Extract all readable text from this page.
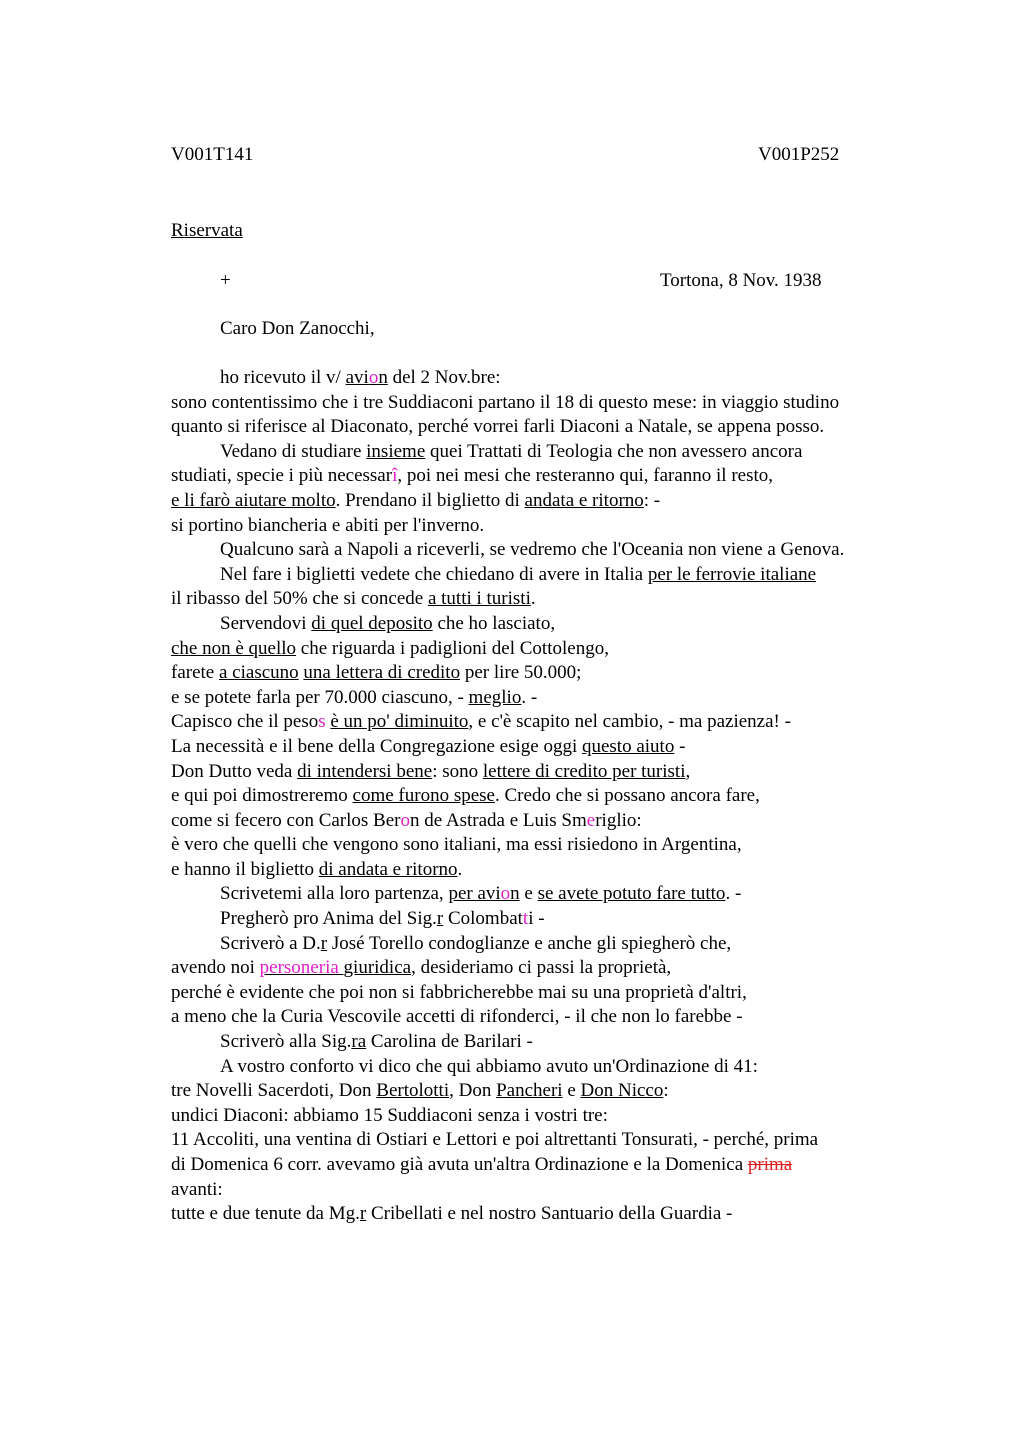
V001T141	V001P252
Riservata
+	Tortona, 8 Nov. 1938
Caro Don Zanocchi,
ho ricevuto il v/ avion del 2 Nov.bre:
sono contentissimo che i tre Suddiaconi partano il 18 di questo mese: in viaggio studino
quanto si riferisce al Diaconato, perché vorrei farli Diaconi a Natale, se appena posso.
Vedano di studiare insieme quei Trattati di Teologia che non avessero ancora
studiati, specie i più necessarî, poi nei mesi che resteranno qui, faranno il resto,
e li farò aiutare molto. Prendano il biglietto di andata e ritorno: -
si portino biancheria e abiti per l'inverno.
Qualcuno sarà a Napoli a riceverli, se vedremo che l'Oceania non viene a Genova.
Nel fare i biglietti vedete che chiedano di avere in Italia per le ferrovie italiane
il ribasso del 50% che si concede a tutti i turisti.
Servendovi di quel deposito che ho lasciato,
che non è quello che riguarda i padiglioni del Cottolengo,
farete a ciascuno una lettera di credito per lire 50.000;
e se potete farla per 70.000 ciascuno, - meglio. -
Capisco che il pesos è un po' diminuito, e c'è scapito nel cambio, - ma pazienza! -
La necessità e il bene della Congregazione esige oggi questo aiuto -
Don Dutto veda di intendersi bene: sono lettere di credito per turisti,
e qui poi dimostreremo come furono spese. Credo che si possano ancora fare,
come si fecero con Carlos Beron de Astrada e Luis Smeriglio:
è vero che quelli che vengono sono italiani, ma essi risiedono in Argentina,
e hanno il biglietto di andata e ritorno.
Scrivetemi alla loro partenza, per avion e se avete potuto fare tutto. -
Pregherò pro Anima del Sig.r Colombatti -
Scriverò a D.r José Torello condoglianze e anche gli spiegherò che,
avendo noi personeria giuridica, desideriamo ci passi la proprietà,
perché è evidente che poi non si fabbricherebbe mai su una proprietà d'altri,
a meno che la Curia Vescovile accetti di rifonderci, - il che non lo farebbe -
Scriverò alla Sig.ra Carolina de Barilari -
A vostro conforto vi dico che qui abbiamo avuto un'Ordinazione di 41:
tre Novelli Sacerdoti, Don Bertolotti, Don Pancheri e Don Nicco:
undici Diaconi: abbiamo 15 Suddiaconi senza i vostri tre:
11 Accoliti, una ventina di Ostiari e Lettori e poi altrettanti Tonsurati, - perché, prima
di Domenica 6 corr. avevamo già avuta un'altra Ordinazione e la Domenica prima
avanti:
tutte e due tenute da Mg.r Cribellati e nel nostro Santuario della Guardia -
